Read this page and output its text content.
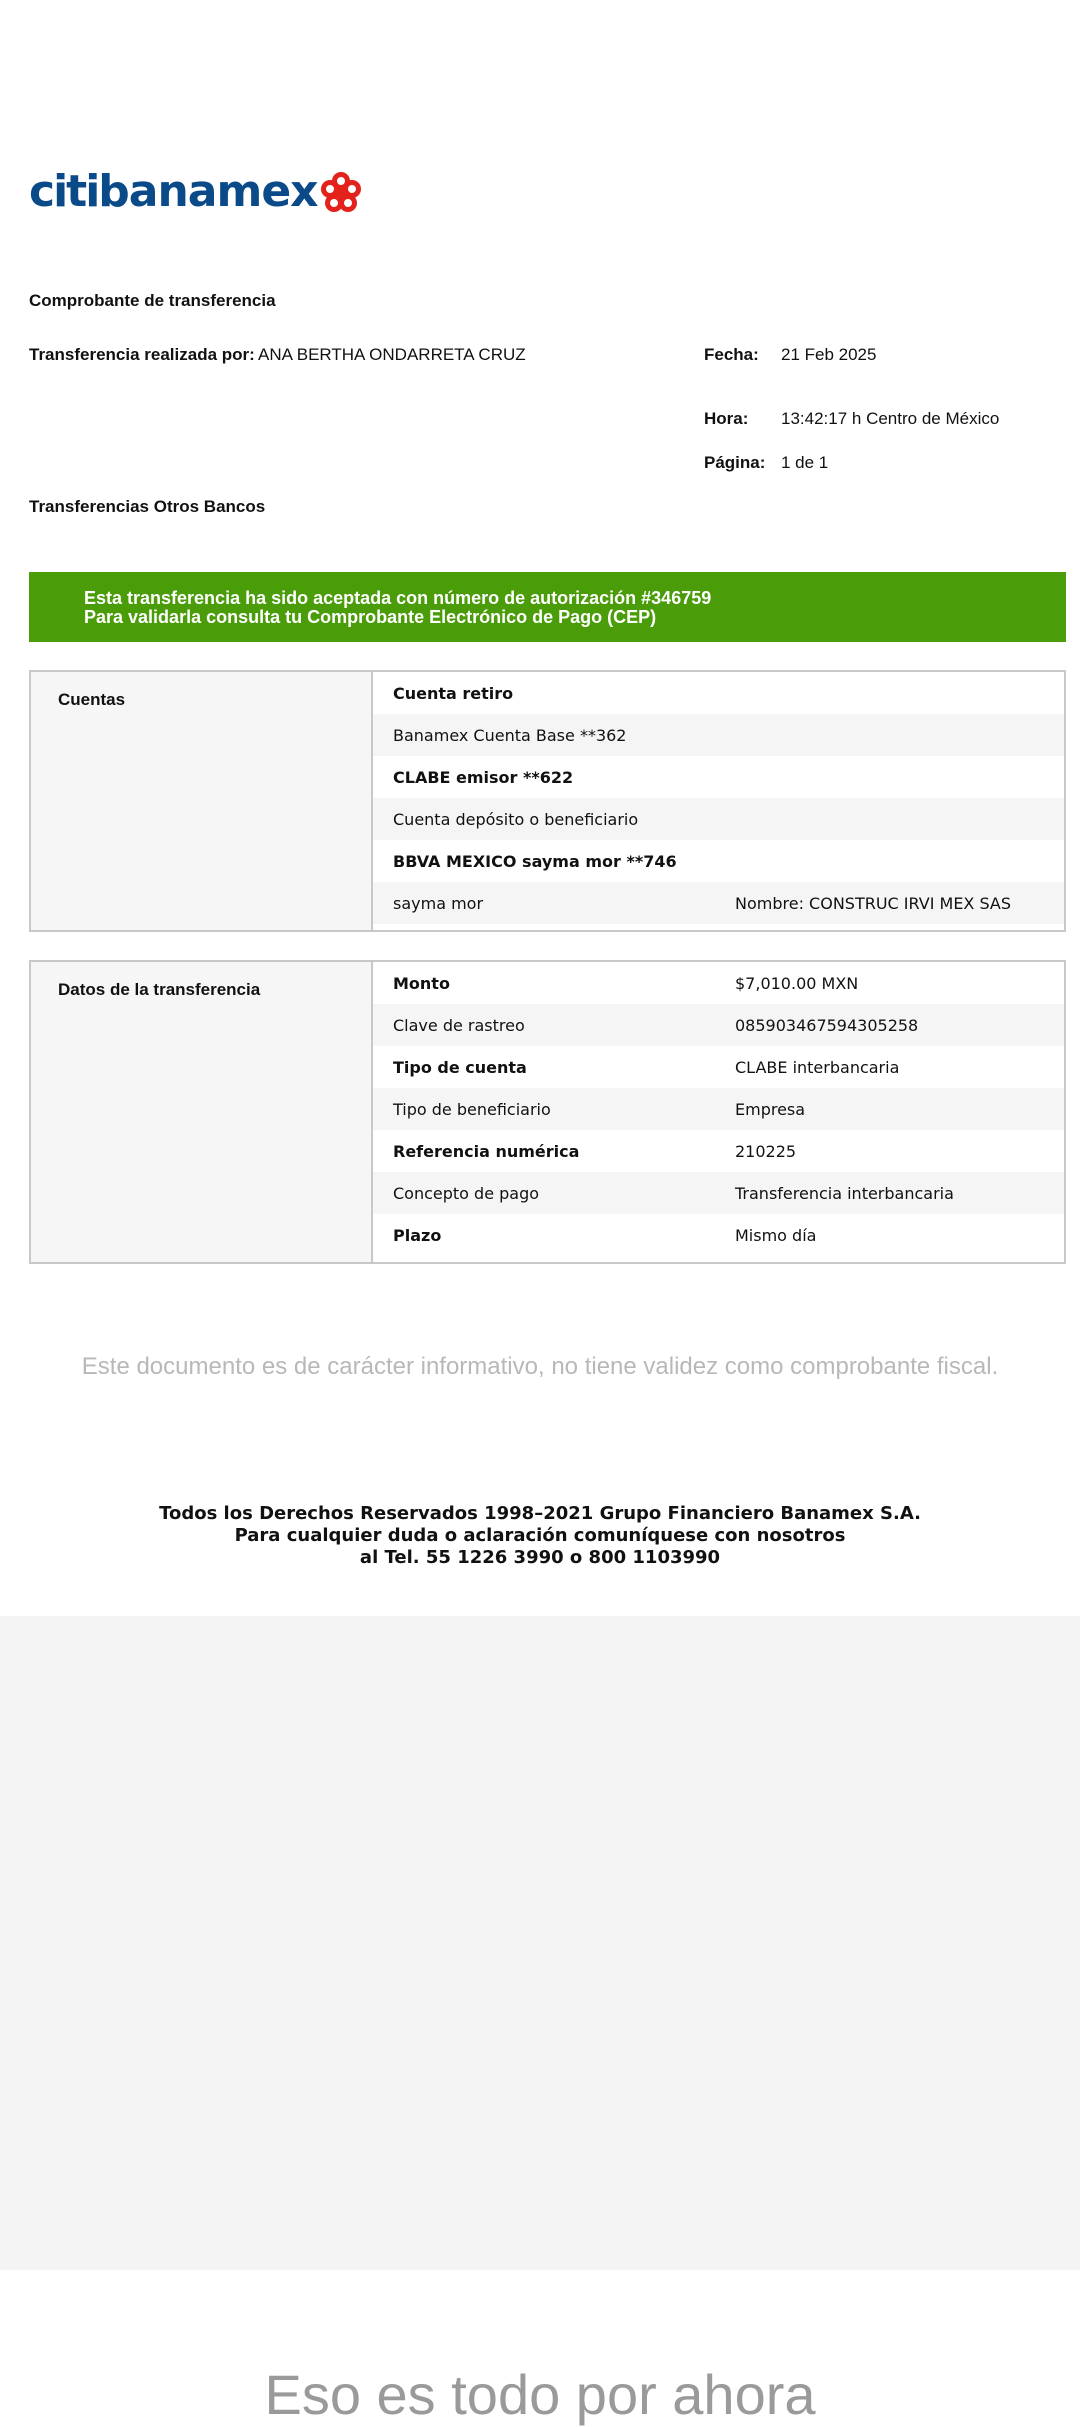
citi banamex
Comprobante de transferencia
Transferencia realizada por: ANA BERTHA ONDARRETA CRUZ	Fecha: 21 Feb 2025
Hora: 13:42:17 h Centro de México
Página: 1 de 1
Transferencias Otros Bancos
Esta transferencia ha sido aceptada con número de autorización #346759
Para validarla consulta tu Comprobante Electrónico de Pago (CEP)
Cuentas	Cuenta retiro
Banamex Cuenta Base **362
CLABE emisor **622
Cuenta depósito o beneficiario
BBVA MEXICO sayma mor **746
sayma mor	Nombre: CONSTRUC IRVI MEX SAS
Datos de la transferencia	Monto	$7,010.00 MXN
Clave de rastreo	085903467594305258
Tipo de cuenta	CLABE interbancaria
Tipo de beneficiario	Empresa
Referencia numérica	210225
Concepto de pago	Transferencia interbancaria
Plazo	Mismo día
Este documento es de carácter informativo, no tiene validez como comprobante fiscal.
Todos los Derechos Reservados 1998–2021 Grupo Financiero Banamex S.A.
Para cualquier duda o aclaración comuníquese con nosotros
al Tel. 55 1226 3990 o 800 1103990
Eso es todo por ahora
